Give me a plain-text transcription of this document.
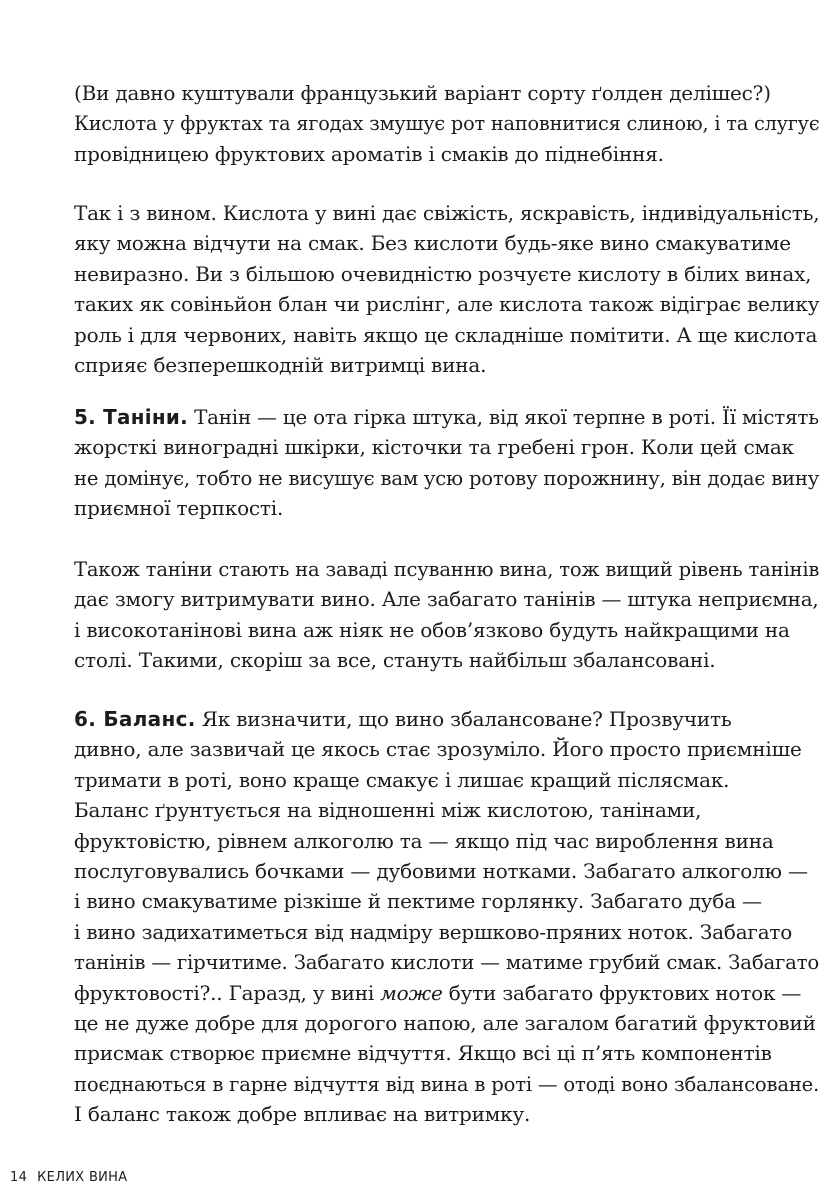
(Ви давно куштували французький варіант сорту ґолден делішес?)
Кислота у фруктах та ягодах змушує рот наповнитися слиною, і та слугує
провідницею фруктових ароматів і смаків до піднебіння.
Так і з вином. Кислота у вині дає свіжість, яскравість, індивідуальність,
яку можна відчути на смак. Без кислоти будь-яке вино смакуватиме
невиразно. Ви з більшою очевидністю розчуєте кислоту в білих винах,
таких як совіньйон блан чи рислінг, але кислота також відіграє велику
роль і для червоних, навіть якщо це складніше помітити. А ще кислота
сприяє безперешкодній витримці вина.
5. Таніни. Танін — це ота гірка штука, від якої терпне в роті. Її містять
жорсткі виноградні шкірки, кісточки та гребені грон. Коли цей смак
не домінує, тобто не висушує вам усю ротову порожнину, він додає вину
приємної терпкості.
Також таніни стають на заваді псуванню вина, тож вищий рівень танінів
дає змогу витримувати вино. Але забагато танінів — штука неприємна,
і високотанінові вина аж ніяк не обов’язково будуть найкращими на
столі. Такими, скоріш за все, стануть найбільш збалансовані.
6. Баланс. Як визначити, що вино збалансоване? Прозвучить
дивно, але зазвичай це якось стає зрозуміло. Його просто приємніше
тримати в роті, воно краще смакує і лишає кращий післясмак.
Баланс ґрунтується на відношенні між кислотою, танінами,
фруктовістю, рівнем алкоголю та — якщо під час вироблення вина
послуговувались бочками — дубовими нотками. Забагато алкоголю —
і вино смакуватиме різкіше й пектиме горлянку. Забагато дуба —
і вино задихатиметься від надміру вершково-пряних ноток. Забагато
танінів — гірчитиме. Забагато кислоти — матиме грубий смак. Забагато
фруктовості?.. Гаразд, у вині може бути забагато фруктових ноток —
це не дуже добре для дорогого напою, але загалом багатий фруктовий
присмак створює приємне відчуття. Якщо всі ці п’ять компонентів
поєднаються в гарне відчуття від вина в роті — отоді воно збалансоване.
І баланс також добре впливає на витримку.
14 КЕЛИХ ВИНА
